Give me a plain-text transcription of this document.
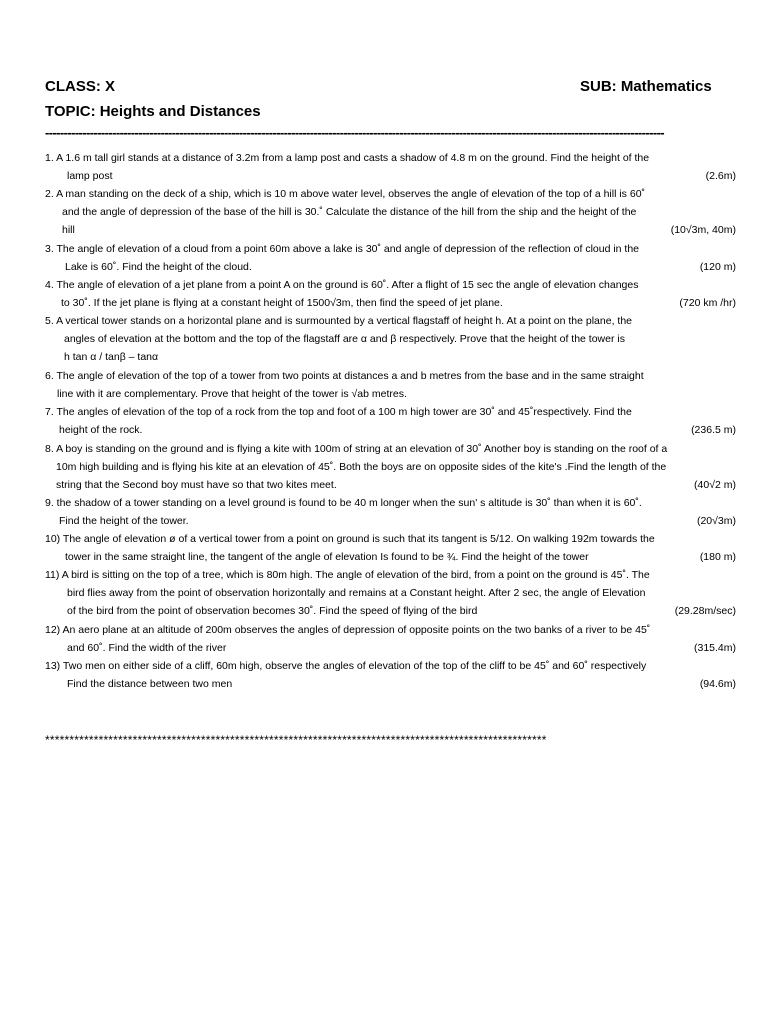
CLASS: X	SUB: Mathematics
TOPIC: Heights and Distances
----------------------------------------------------------------------------------------------------------------------------------------------------------------------
1. A 1.6 m tall girl stands at a distance of 3.2m from a lamp post and casts a shadow of 4.8 m on the ground. Find the height of the
lamp post	(2.6m)
2. A man standing on the deck of a ship, which is 10 m above water level, observes the angle of elevation of the top of a hill is 60˚
and the angle of depression of the base of the hill is 30.˚ Calculate the distance of the hill from the ship and the height of the
hill	(10√3m, 40m)
3. The angle of elevation of a cloud from a point 60m above a lake is 30˚ and angle of depression of the reflection of cloud in the
Lake is 60˚. Find the height of the cloud.	(120 m)
4. The angle of elevation of a jet plane from a point A on the ground is 60˚. After a flight of 15 sec the angle of elevation changes
to 30˚. If the jet plane is flying at a constant height of 1500√3m, then find the speed of jet plane.	(720 km /hr)
5. A vertical tower stands on a horizontal plane and is surmounted by a vertical flagstaff of height h. At a point on the plane, the
angles of elevation at the bottom and the top of the flagstaff are α and β respectively. Prove that the height of the tower is
h tan α / tanβ – tanα
6. The angle of elevation of the top of a tower from two points at distances a and b metres from the base and in the same straight
line with it are complementary. Prove that height of the tower is √ab metres.
7. The angles of elevation of the top of a rock from the top and foot of a 100 m high tower are 30˚ and 45˚respectively. Find the
height of the rock.	(236.5 m)
8. A boy is standing on the ground and is flying a kite with 100m of string at an elevation of 30˚ Another boy is standing on the roof of a
10m high building and is flying his kite at an elevation of 45˚. Both the boys are on opposite sides of the kite's .Find the length of the
string that the Second boy must have so that two kites meet.	(40√2 m)
9. the shadow of a tower standing on a level ground is found to be 40 m longer when the sun' s altitude is 30˚ than when it is 60˚.
Find the height of the tower.	(20√3m)
10) The angle of elevation ø of a vertical tower from a point on ground is such that its tangent is 5/12. On walking 192m towards the
tower in the same straight line, the tangent of the angle of elevation Is found to be ¾. Find the height of the tower	(180 m)
11) A bird is sitting on the top of a tree, which is 80m high. The angle of elevation of the bird, from a point on the ground is 45˚. The
bird flies away from the point of observation horizontally and remains at a Constant height. After 2 sec, the angle of Elevation
of the bird from the point of observation becomes 30˚. Find the speed of flying of the bird	(29.28m/sec)
12) An aero plane at an altitude of 200m observes the angles of depression of opposite points on the two banks of a river to be 45˚
and 60˚. Find the width of the river	(315.4m)
13) Two men on either side of a cliff, 60m high, observe the angles of elevation of the top of the cliff to be 45˚ and 60˚ respectively
Find the distance between two men	(94.6m)
*******************************************************************************************************
